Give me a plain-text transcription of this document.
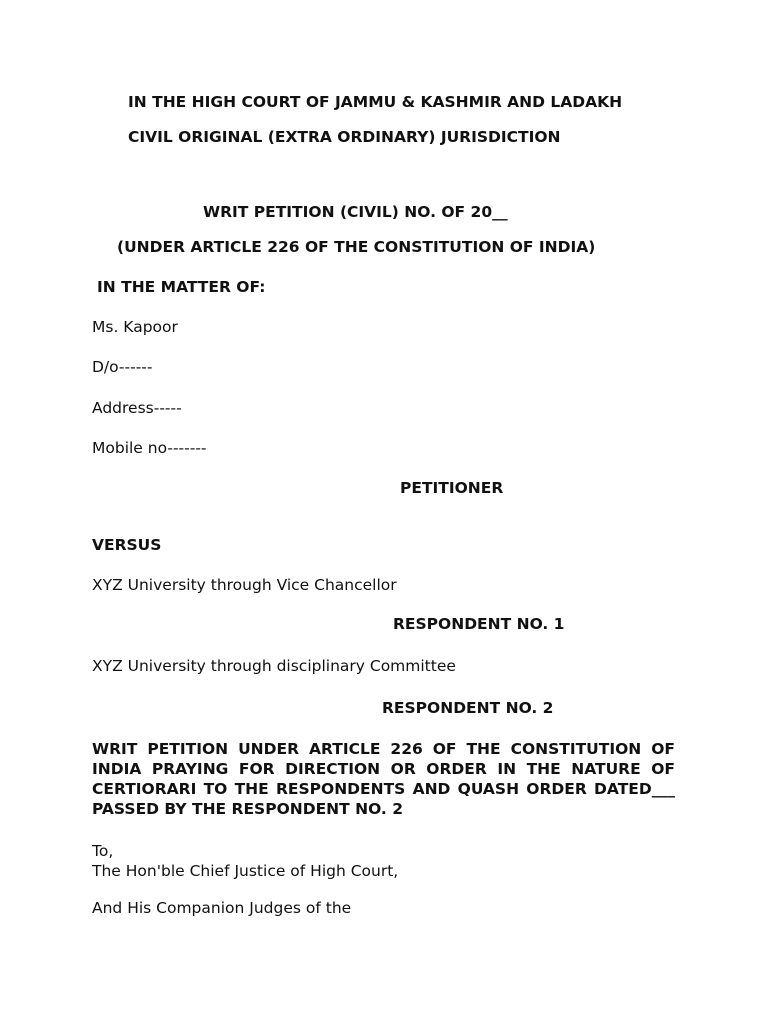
IN THE HIGH COURT OF JAMMU & KASHMIR AND LADAKH
CIVIL ORIGINAL (EXTRA ORDINARY) JURISDICTION
WRIT PETITION (CIVIL) NO. OF 20__
(UNDER ARTICLE 226 OF THE CONSTITUTION OF INDIA)
IN THE MATTER OF:
Ms. Kapoor
D/o------
Address-----
Mobile no-------
PETITIONER
VERSUS
XYZ University through Vice Chancellor
RESPONDENT NO. 1
XYZ University through disciplinary Committee
RESPONDENT NO. 2
WRIT PETITION UNDER ARTICLE 226 OF THE CONSTITUTION OF INDIA PRAYING FOR DIRECTION OR ORDER IN THE NATURE OF CERTIORARI TO THE RESPONDENTS AND QUASH ORDER DATED___ PASSED BY THE RESPONDENT NO. 2
To,
The Hon'ble Chief Justice of High Court,
And His Companion Judges of the
